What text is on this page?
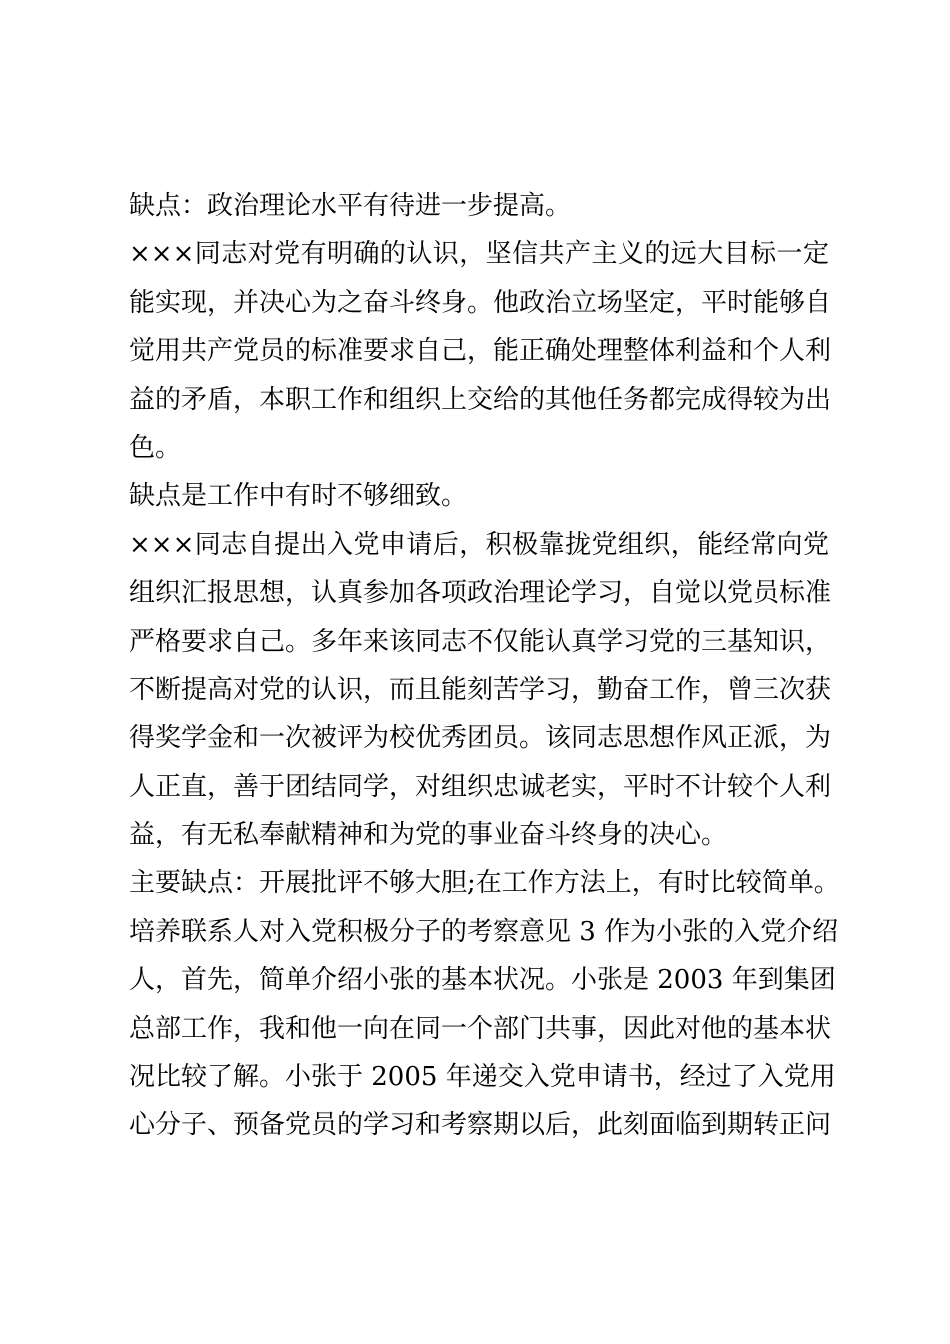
缺点：政治理论水平有待进一步提高。
×××同志对党有明确的认识，坚信共产主义的远大目标一定
能实现，并决心为之奋斗终身。他政治立场坚定，平时能够自
觉用共产党员的标准要求自己，能正确处理整体利益和个人利
益的矛盾，本职工作和组织上交给的其他任务都完成得较为出
色。
缺点是工作中有时不够细致。
×××同志自提出入党申请后，积极靠拢党组织，能经常向党
组织汇报思想，认真参加各项政治理论学习，自觉以党员标准
严格要求自己。多年来该同志不仅能认真学习党的三基知识，
不断提高对党的认识，而且能刻苦学习，勤奋工作，曾三次获
得奖学金和一次被评为校优秀团员。该同志思想作风正派，为
人正直，善于团结同学，对组织忠诚老实，平时不计较个人利
益，有无私奉献精神和为党的事业奋斗终身的决心。
主要缺点：开展批评不够大胆;在工作方法上，有时比较简单。
培养联系人对入党积极分子的考察意见 3 作为小张的入党介绍
人，首先，简单介绍小张的基本状况。小张是 2003 年到集团
总部工作，我和他一向在同一个部门共事，因此对他的基本状
况比较了解。小张于 2005 年递交入党申请书，经过了入党用
心分子、预备党员的学习和考察期以后，此刻面临到期转正问
